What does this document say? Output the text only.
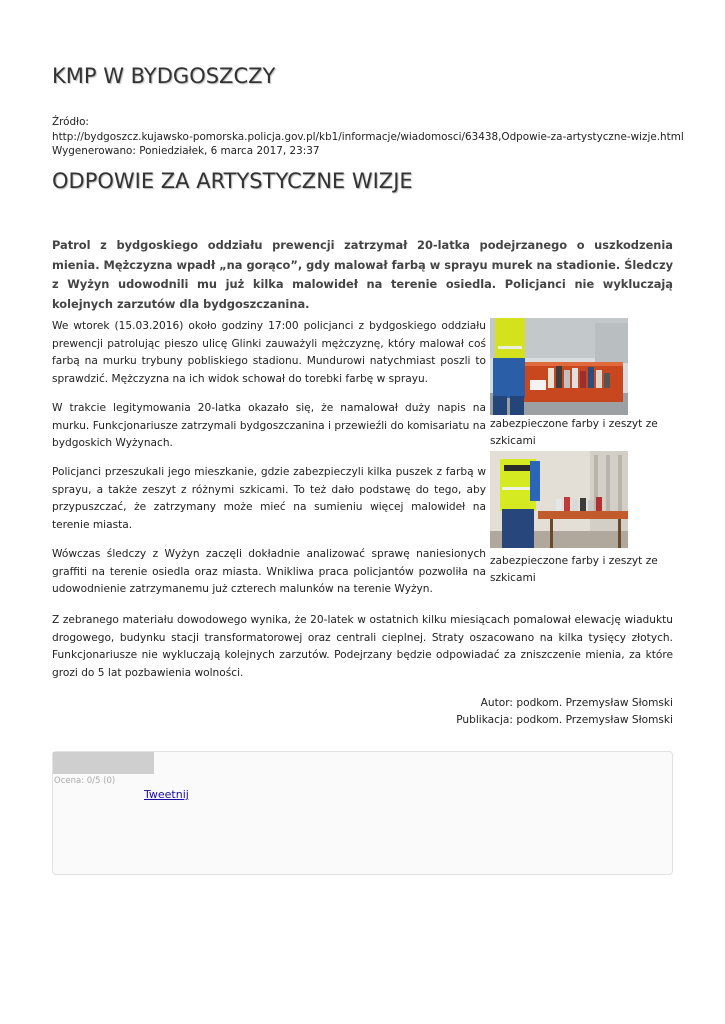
KMP W BYDGOSZCZY
Źródło:
http://bydgoszcz.kujawsko-pomorska.policja.gov.pl/kb1/informacje/wiadomosci/63438,Odpowie-za-artystyczne-wizje.html
Wygenerowano: Poniedziałek, 6 marca 2017, 23:37
ODPOWIE ZA ARTYSTYCZNE WIZJE

Patrol z bydgoskiego oddziału prewencji zatrzymał 20-latka podejrzanego o uszkodzenia mienia. Mężczyzna wpadł „na gorąco”, gdy malował farbą w sprayu murek na stadionie. Śledczy z Wyżyn udowodnili mu już kilka malowideł na terenie osiedla. Policjanci nie wykluczają kolejnych zarzutów dla bydgoszczanina.

We wtorek (15.03.2016) około godziny 17:00 policjanci z bydgoskiego oddziału prewencji patrolując pieszo ulicę Glinki zauważyli mężczyznę, który malował coś farbą na murku trybuny pobliskiego stadionu. Mundurowi natychmiast poszli to sprawdzić. Mężczyzna na ich widok schował do torebki farbę w sprayu.

W trakcie legitymowania 20-latka okazało się, że namalował duży napis na murku. Funkcjonariusze zatrzymali bydgoszczanina i przewieźli do komisariatu na bydgoskich Wyżynach.

Policjanci przeszukali jego mieszkanie, gdzie zabezpieczyli kilka puszek z farbą w sprayu, a także zeszyt z różnymi szkicami. To też dało podstawę do tego, aby przypuszczać, że zatrzymany może mieć na sumieniu więcej malowideł na terenie miasta.

Wówczas śledczy z Wyżyn zaczęli dokładnie analizować sprawę naniesionych graffiti na terenie osiedla oraz miasta. Wnikliwa praca policjantów pozwoliła na udowodnienie zatrzymanemu już czterech malunków na terenie Wyżyn.

Z zebranego materiału dowodowego wynika, że 20-latek w ostatnich kilku miesiącach pomalował elewację wiaduktu drogowego, budynku stacji transformatorowej oraz centrali cieplnej. Straty oszacowano na kilka tysięcy złotych. Funkcjonariusze nie wykluczają kolejnych zarzutów. Podejrzany będzie odpowiadać za zniszczenie mienia, za które grozi do 5 lat pozbawienia wolności.

zabezpieczone farby i zeszyt ze szkicami
zabezpieczone farby i zeszyt ze szkicami
Autor: podkom. Przemysław Słomski
Publikacja: podkom. Przemysław Słomski
Ocena: 0/5 (0)
Tweetnij
